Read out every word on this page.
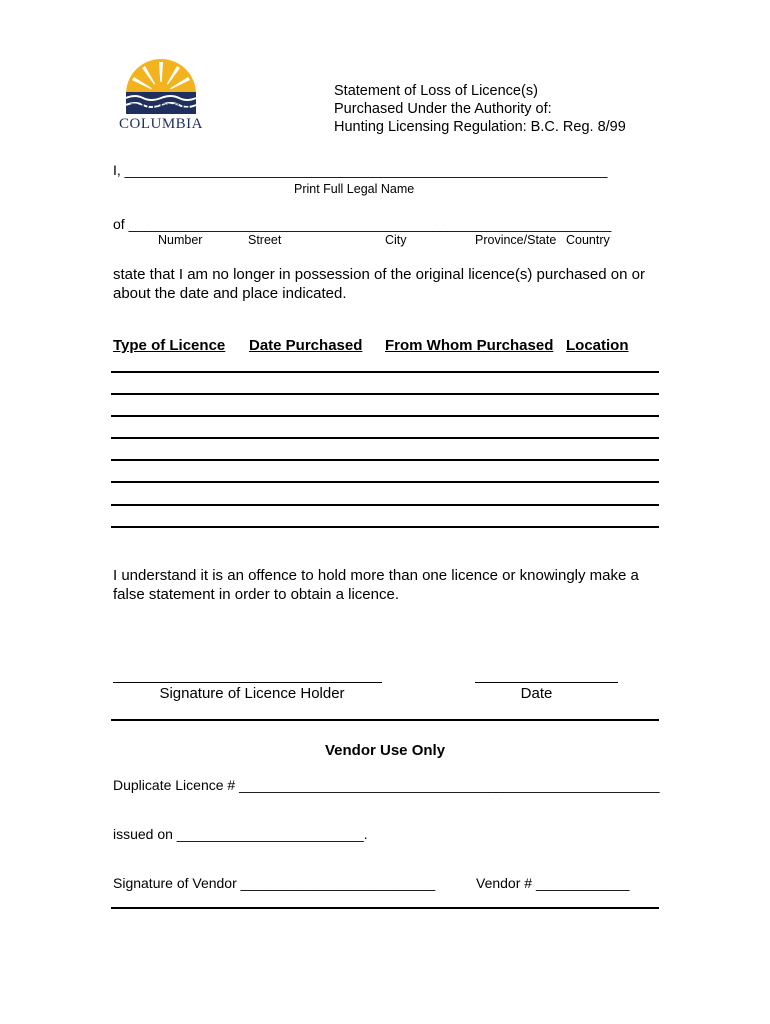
BRITISH
COLUMBIA
Statement of Loss of Licence(s)
Purchased Under the Authority of:
Hunting Licensing Regulation: B.C. Reg. 8/99
I, ______________________________________________________________
Print Full Legal Name
of ______________________________________________________________
Number	Street	City	Province/State Country
state that I am no longer in possession of the original licence(s) purchased on or
about the date and place indicated.
Type of Licence Date Purchased From Whom Purchased Location
I understand it is an offence to hold more than one licence or knowingly make a
false statement in order to obtain a licence.
Signature of Licence Holder	Date
Vendor Use Only
Duplicate Licence # ______________________________________________________
issued on ________________________.
Signature of Vendor _________________________	Vendor # ____________
